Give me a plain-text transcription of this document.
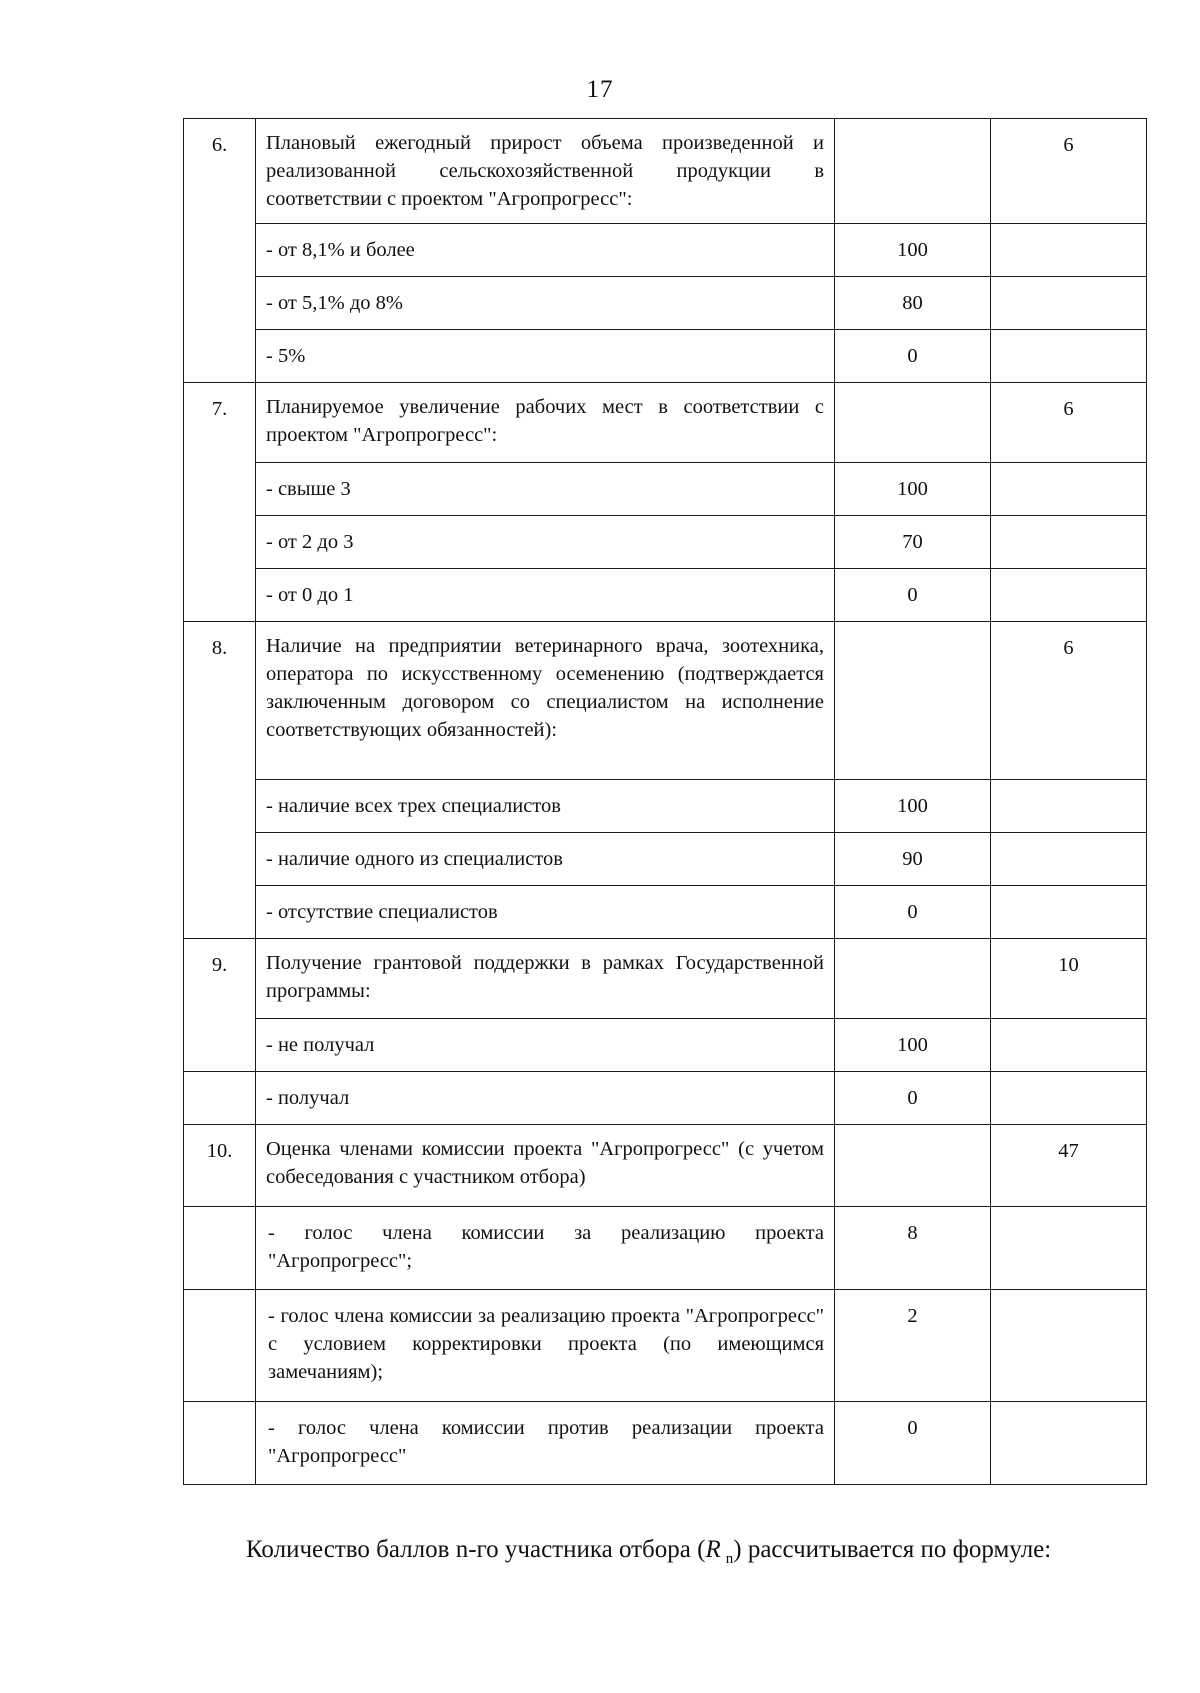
17
6.	Плановый ежегодный прирост объема произведенной и реализованной сельскохозяйственной продукции в соответствии с проектом "Агропрогресс":		6
	- от 8,1% и более	100	
	- от 5,1% до 8%	80	
	- 5%	0	
7.	Планируемое увеличение рабочих мест в соответствии с проектом "Агропрогресс":		6
	- свыше 3	100	
	- от 2 до 3	70	
	- от 0 до 1	0	
8.	Наличие на предприятии ветеринарного врача, зоотехника, оператора по искусственному осеменению (подтверждается заключенным договором со специалистом на исполнение соответствующих обязанностей):		6
	- наличие всех трех специалистов	100	
	- наличие одного из специалистов	90	
	- отсутствие специалистов	0	
9.	Получение грантовой поддержки в рамках Государственной программы:		10
	- не получал	100	
	- получал	0	
10.	Оценка членами комиссии проекта "Агропрогресс" (с учетом собеседования с участником отбора)		47
	- голос члена комиссии за реализацию проекта "Агропрогресс";	8	
	- голос члена комиссии за реализацию проекта "Агропрогресс" с условием корректировки проекта (по имеющимся замечаниям);	2	
	- голос члена комиссии против реализации проекта "Агропрогресс"	0	
Количество баллов n-го участника отбора (R  $_n$) рассчитывается по формуле:
